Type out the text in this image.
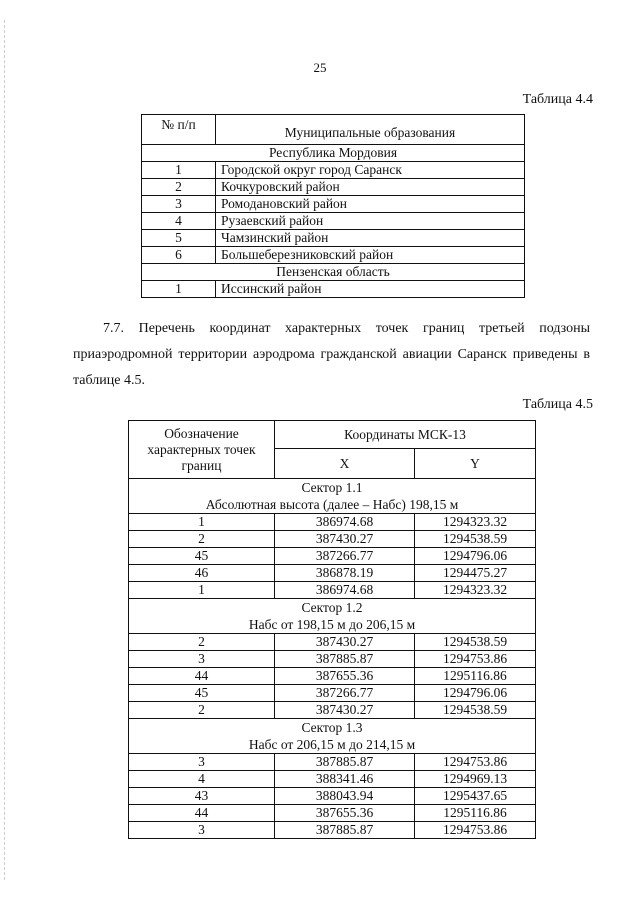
25
Таблица 4.4
№ п/п	Муниципальные образования
Республика Мордовия	
1	Городской округ город Саранск
2	Кочкуровский район
3	Ромодановский район
4	Рузаевский район
5	Чамзинский район
6	Большеберезниковский район
Пензенская область	
1	Иссинский район
7.7. Перечень координат характерных точек границ третьей подзоны
приаэродромной территории аэродрома гражданской авиации Саранск приведены в
таблице 4.5.
Таблица 4.5
Обозначение характерных точек границ	Координаты МСК-13	
	X	Y

Сектор 1.1
Абсолютная высота (далее – Набс) 198,15 м		

1	386974.68	1294323.32
2	387430.27	1294538.59
45	387266.77	1294796.06
46	386878.19	1294475.27
1	386974.68	1294323.32

Сектор 1.2
Набс от 198,15 м до 206,15 м		

2	387430.27	1294538.59
3	387885.87	1294753.86
44	387655.36	1295116.86
45	387266.77	1294796.06
2	387430.27	1294538.59

Сектор 1.3
Набс от 206,15 м до 214,15 м		

3	387885.87	1294753.86
4	388341.46	1294969.13
43	388043.94	1295437.65
44	387655.36	1295116.86
3	387885.87	1294753.86
